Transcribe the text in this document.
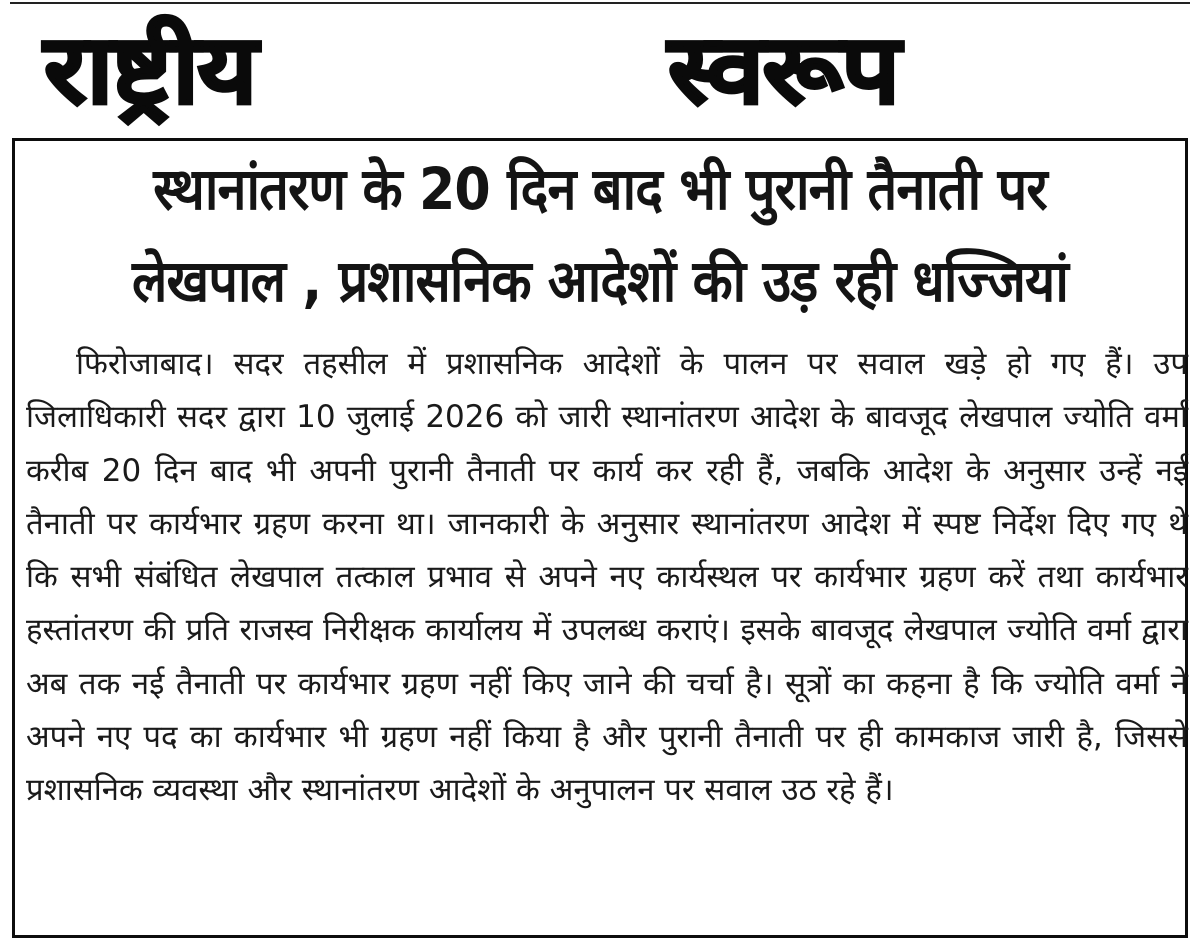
राष्ट्रीय	स्वरूप
स्थानांतरण के 20 दिन बाद भी पुरानी तैनाती पर
लेखपाल , प्रशासनिक आदेशों की उड़ रही धज्जियां
फिरोजाबाद। सदर तहसील में प्रशासनिक आदेशों के पालन पर सवाल खड़े हो गए हैं। उप जिलाधिकारी सदर द्वारा 10 जुलाई 2026 को जारी स्थानांतरण आदेश के बावजूद लेखपाल ज्योति वर्मा करीब 20 दिन बाद भी अपनी पुरानी तैनाती पर कार्य कर रही हैं, जबकि आदेश के अनुसार उन्हें नई तैनाती पर कार्यभार ग्रहण करना था। जानकारी के अनुसार स्थानांतरण आदेश में स्पष्ट निर्देश दिए गए थे कि सभी संबंधित लेखपाल तत्काल प्रभाव से अपने नए कार्यस्थल पर कार्यभार ग्रहण करें तथा कार्यभार हस्तांतरण की प्रति राजस्व निरीक्षक कार्यालय में उपलब्ध कराएं। इसके बावजूद लेखपाल ज्योति वर्मा द्वारा अब तक नई तैनाती पर कार्यभार ग्रहण नहीं किए जाने की चर्चा है। सूत्रों का कहना है कि ज्योति वर्मा ने अपने नए पद का कार्यभार भी ग्रहण नहीं किया है और पुरानी तैनाती पर ही कामकाज जारी है, जिससे प्रशासनिक व्यवस्था और स्थानांतरण आदेशों के अनुपालन पर सवाल उठ रहे हैं।
